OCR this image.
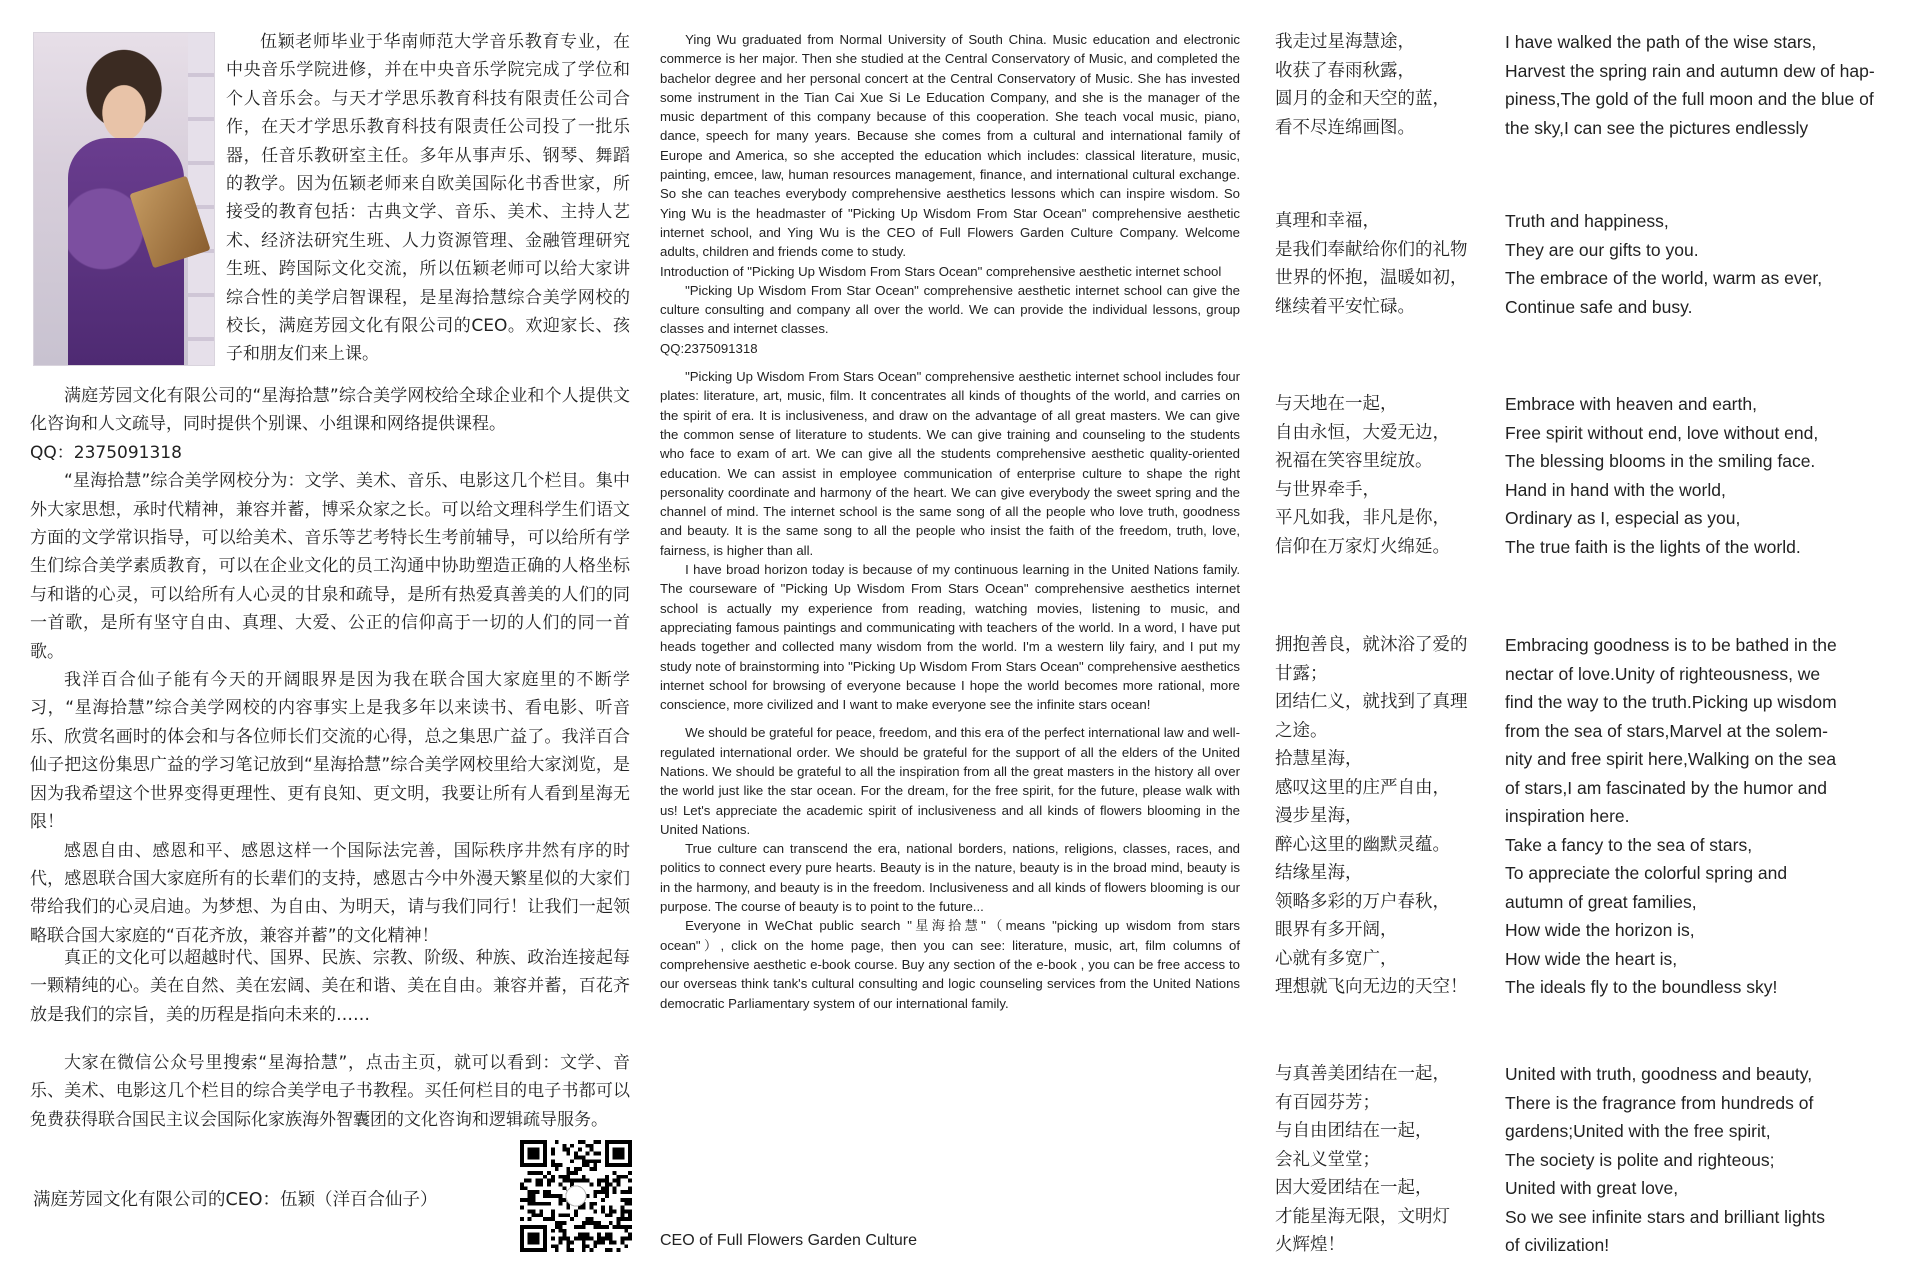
伍颖老师毕业于华南师范大学音乐教育专业，在中央音乐学院进修，并在中央音乐学院完成了学位和个人音乐会。与天才学思乐教育科技有限责任公司合作，在天才学思乐教育科技有限责任公司投了一批乐器，任音乐教研室主任。多年从事声乐、钢琴、舞蹈的教学。因为伍颖老师来自欧美国际化书香世家，所接受的教育包括：古典文学、音乐、美术、主持人艺术、经济法研究生班、人力资源管理、金融管理研究生班、跨国际文化交流，所以伍颖老师可以给大家讲综合性的美学启智课程，是星海拾慧综合美学网校的校长，满庭芳园文化有限公司的CEO。欢迎家长、孩子和朋友们来上课。

满庭芳园文化有限公司的“星海拾慧”综合美学网校给全球企业和个人提供文化咨询和人文疏导，同时提供个别课、小组课和网络提供课程。

QQ：2375091318

“星海拾慧”综合美学网校分为：文学、美术、音乐、电影这几个栏目。集中外大家思想，承时代精神，兼容并蓄，博采众家之长。可以给文理科学生们语文方面的文学常识指导，可以给美术、音乐等艺考特长生考前辅导，可以给所有学生们综合美学素质教育，可以在企业文化的员工沟通中协助塑造正确的人格坐标与和谐的心灵，可以给所有人心灵的甘泉和疏导，是所有热爱真善美的人们的同一首歌，是所有坚守自由、真理、大爱、公正的信仰高于一切的人们的同一首歌。

我洋百合仙子能有今天的开阔眼界是因为我在联合国大家庭里的不断学习，“星海拾慧”综合美学网校的内容事实上是我多年以来读书、看电影、听音乐、欣赏名画时的体会和与各位师长们交流的心得，总之集思广益了。我洋百合仙子把这份集思广益的学习笔记放到“星海拾慧”综合美学网校里给大家浏览，是因为我希望这个世界变得更理性、更有良知、更文明，我要让所有人看到星海无限！

感恩自由、感恩和平、感恩这样一个国际法完善，国际秩序井然有序的时代，感恩联合国大家庭所有的长辈们的支持，感恩古今中外漫天繁星似的大家们带给我们的心灵启迪。为梦想、为自由、为明天，请与我们同行！让我们一起领略联合国大家庭的“百花齐放，兼容并蓄”的文化精神！

真正的文化可以超越时代、国界、民族、宗教、阶级、种族、政治连接起每一颗精纯的心。美在自然、美在宏阔、美在和谐、美在自由。兼容并蓄，百花齐放是我们的宗旨，美的历程是指向未来的……

大家在微信公众号里搜索“星海拾慧”，点击主页，就可以看到：文学、音乐、美术、电影这几个栏目的综合美学电子书教程。买任何栏目的电子书都可以免费获得联合国民主议会国际化家族海外智囊团的文化咨询和逻辑疏导服务。

满庭芳园文化有限公司的CEO：伍颖（洋百合仙子）

Ying Wu graduated from Normal University of South China. Music education and electronic commerce is her major. Then she studied at the Central Conservatory of Music, and completed the bachelor degree and her personal concert at the Central Conservatory of Music. She has invested some instrument in the Tian Cai Xue Si Le Education Company, and she is the manager of the music department of this company because of this cooperation. She teach vocal music, piano, dance, speech for many years. Because she comes from a cultural and international family of Europe and America, so she accepted the education which includes: classical literature, music, painting, emcee, law, human resources management, finance, and international cultural exchange. So she can teaches everybody comprehensive aesthetics lessons which can inspire wisdom. So Ying Wu is the headmaster of "Picking Up Wisdom From Star Ocean" comprehensive aesthetic internet school, and Ying Wu is the CEO of Full Flowers Garden Culture Company. Welcome adults, children and friends come to study.

Introduction of "Picking Up Wisdom From Stars Ocean" comprehensive aesthetic internet school

"Picking Up Wisdom From Star Ocean" comprehensive aesthetic internet school can give the culture consulting and company all over the world. We can provide the individual lessons, group classes and internet classes.

QQ:2375091318

"Picking Up Wisdom From Stars Ocean" comprehensive aesthetic internet school includes four plates: literature, art, music, film. It concentrates all kinds of thoughts of the world, and carries on the spirit of era. It is inclusiveness, and draw on the advantage of all great masters. We can give the common sense of literature to students. We can give training and counseling to the students who face to exam of art. We can give all the students comprehensive aesthetic quality-oriented education. We can assist in employee communication of enterprise culture to shape the right personality coordinate and harmony of the heart. We can give everybody the sweet spring and the channel of mind. The internet school is the same song of all the people who love truth, goodness and beauty. It is the same song to all the people who insist the faith of the freedom, truth, love, fairness, is higher than all.

I have broad horizon today is because of my continuous learning in the United Nations family. The courseware of "Picking Up Wisdom From Stars Ocean" comprehensive aesthetics internet school is actually my experience from reading, watching movies, listening to music, and appreciating famous paintings and communicating with teachers of the world. In a word, I have put heads together and collected many wisdom from the world. I'm a western lily fairy, and I put my study note of brainstorming into "Picking Up Wisdom From Stars Ocean" comprehensive aesthetics internet school for browsing of everyone because I hope the world becomes more rational, more conscience, more civilized and I want to make everyone see the infinite stars ocean!

We should be grateful for peace, freedom, and this era of the perfect international law and well-regulated international order. We should be grateful for the support of all the elders of the United Nations. We should be grateful to all the inspiration from all the great masters in the history all over the world just like the star ocean. For the dream, for the free spirit, for the future, please walk with us! Let's appreciate the academic spirit of inclusiveness and all kinds of flowers blooming in the United Nations.

True culture can transcend the era, national borders, nations, religions, classes, races, and politics to connect every pure hearts. Beauty is in the nature, beauty is in the broad mind, beauty is in the harmony, and beauty is in the freedom. Inclusiveness and all kinds of flowers blooming is our purpose. The course of beauty is to point to the future...

Everyone in WeChat public search "星海拾慧"（means "picking up wisdom from stars ocean"）, click on the home page, then you can see: literature, music, art, film columns of comprehensive aesthetic e-book course. Buy any section of the e-book , you can be free access to our overseas think tank's cultural consulting and logic counseling services from the United Nations democratic Parliamentary system of our international family.

CEO of Full Flowers Garden Culture

我走过星海慧途，

收获了春雨秋露，

圆月的金和天空的蓝，

看不尽连绵画图。

真理和幸福，

是我们奉献给你们的礼物

世界的怀抱，温暖如初，

继续着平安忙碌。

与天地在一起，

自由永恒，大爱无边，

祝福在笑容里绽放。

与世界牵手，

平凡如我，非凡是你，

信仰在万家灯火绵延。

拥抱善良，就沐浴了爱的

甘露；

团结仁义，就找到了真理

之途。

拾慧星海，

感叹这里的庄严自由，

漫步星海，

醉心这里的幽默灵蕴。

结缘星海，

领略多彩的万户春秋，

眼界有多开阔，

心就有多宽广，

理想就飞向无边的天空！

与真善美团结在一起，

有百园芬芳；

与自由团结在一起，

会礼义堂堂；

因大爱团结在一起，

才能星海无限，文明灯

火辉煌！

I have walked the path of the wise stars,

Harvest the spring rain and autumn dew of hap-

piness,The gold of the full moon and the blue of

the sky,I can see the pictures endlessly

Truth and happiness,

They are our gifts to you.

The embrace of the world, warm as ever,

Continue safe and busy.

Embrace with heaven and earth,

Free spirit without end, love without end,

The blessing blooms in the smiling face.

Hand in hand with the world,

Ordinary as I, especial as you,

The true faith is the lights of the world.

Embracing goodness is to be bathed in the

nectar of love.Unity of righteousness, we

find the way to the truth.Picking up wisdom

from the sea of stars,Marvel at the solem-

nity and free spirit here,Walking on the sea

of stars,I am fascinated by the humor and

inspiration here.

Take a fancy to the sea of stars,

To appreciate the colorful spring and

autumn of great families,

How wide the horizon is,

How wide the heart is,

The ideals fly to the boundless sky!

United with truth, goodness and beauty,

There is the fragrance from hundreds of

gardens;United with the free spirit,

The society is polite and righteous;

United with great love,

So we see infinite stars and brilliant lights

of civilization!
